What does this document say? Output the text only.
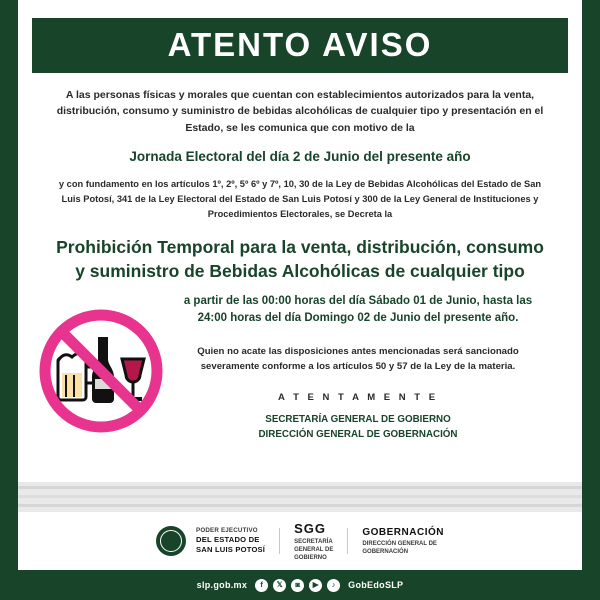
ATENTO AVISO
A las personas físicas y morales que cuentan con establecimientos autorizados para la venta, distribución, consumo y suministro de bebidas alcohólicas de cualquier tipo y presentación en el Estado, se les comunica que con motivo de la
Jornada Electoral del día 2 de Junio del presente año
y con fundamento en los artículos 1º, 2º, 5º 6º y 7º, 10, 30 de la Ley de Bebidas Alcohólicas del Estado de San Luis Potosí, 341 de la Ley Electoral del Estado de San Luis Potosí y 300 de la Ley General de Instituciones y Procedimientos Electorales, se Decreta la
Prohibición Temporal para la venta, distribución, consumo y suministro de Bebidas Alcohólicas de cualquier tipo
a partir de las 00:00 horas del día Sábado 01 de Junio, hasta las 24:00 horas del día Domingo 02 de Junio del presente año.
Quien no acate las disposiciones antes mencionadas será sancionado severamente conforme a los artículos 50 y 57 de la Ley de la materia.
A T E N T A M E N T E
SECRETARÍA GENERAL DE GOBIERNO
DIRECCIÓN GENERAL DE GOBERNACIÓN
PODER EJECUTIVO
DEL ESTADO DE
SAN LUIS POTOSÍ
SGG
SECRETARÍA
GENERAL DE
GOBIERNO
GOBERNACIÓN
DIRECCIÓN GENERAL DE
GOBERNACIÓN
slp.gob.mx	f	𝕏	◙	▶	♪	GobEdoSLP
